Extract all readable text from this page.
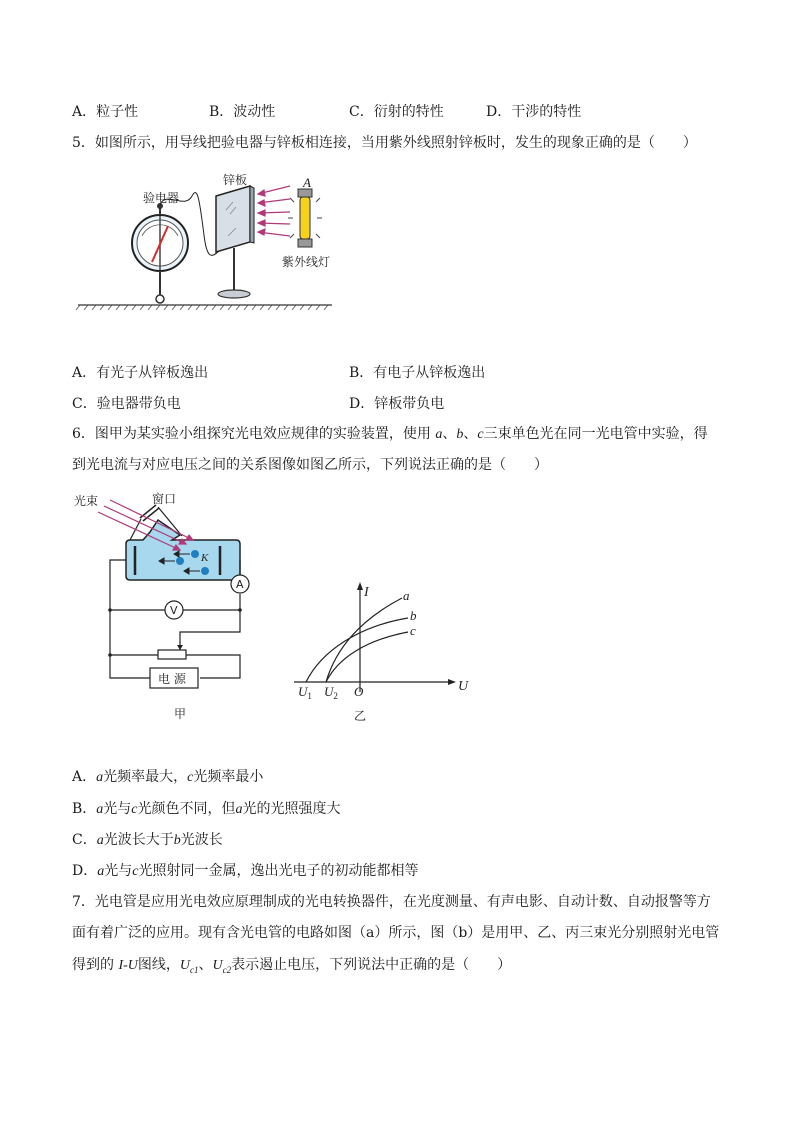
A．粒子性	B．波动性	C．衍射的特性	D．干涉的特性
5．如图所示，用导线把验电器与锌板相连接，当用紫外线照射锌板时，发生的现象正确的是（　　）
验电器
锌板	A
紫外线灯
A．有光子从锌板逸出	B．有电子从锌板逸出
C．验电器带负电	D．锌板带负电
6．图甲为某实验小组探究光电效应规律的实验装置，使用 a、b、c三束单色光在同一光电管中实验，得
到光电流与对应电压之间的关系图像如图乙所示，下列说法正确的是（　　）
光束	窗口
K
A
V
电 源
甲
I
U
O
$U_1$ $U_2$
a
b
c
乙
A．a光频率最大，c光频率最小
B．a光与c光颜色不同，但a光的光照强度大
C．a光波长大于b光波长
D．a光与c光照射同一金属，逸出光电子的初动能都相等
7．光电管是应用光电效应原理制成的光电转换器件，在光度测量、有声电影、自动计数、自动报警等方
面有着广泛的应用。现有含光电管的电路如图（a）所示，图（b）是用甲、乙、丙三束光分别照射光电管
得到的 I-U图线，$U_{c1}$、$U_{c2}$表示遏止电压，下列说法中正确的是（　　）
